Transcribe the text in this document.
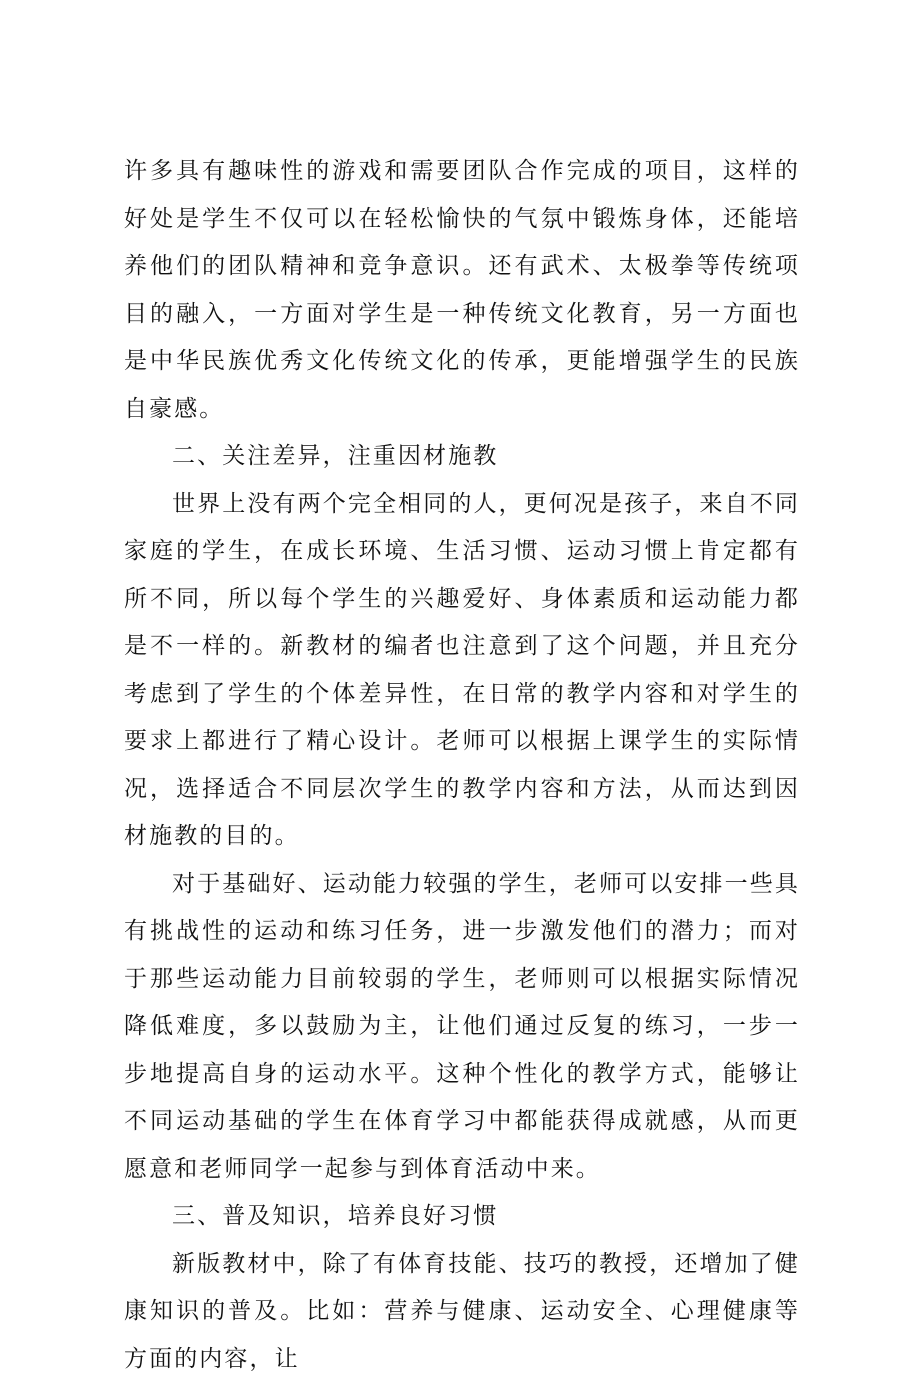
许多具有趣味性的游戏和需要团队合作完成的项目，这样的好处是学生不仅可以在轻松愉快的气氛中锻炼身体，还能培养他们的团队精神和竞争意识。还有武术、太极拳等传统项目的融入，一方面对学生是一种传统文化教育，另一方面也是中华民族优秀文化传统文化的传承，更能增强学生的民族自豪感。

二、关注差异，注重因材施教

世界上没有两个完全相同的人，更何况是孩子，来自不同家庭的学生，在成长环境、生活习惯、运动习惯上肯定都有所不同，所以每个学生的兴趣爱好、身体素质和运动能力都是不一样的。新教材的编者也注意到了这个问题，并且充分考虑到了学生的个体差异性，在日常的教学内容和对学生的要求上都进行了精心设计。老师可以根据上课学生的实际情况，选择适合不同层次学生的教学内容和方法，从而达到因材施教的目的。

对于基础好、运动能力较强的学生，老师可以安排一些具有挑战性的运动和练习任务，进一步激发他们的潜力；而对于那些运动能力目前较弱的学生，老师则可以根据实际情况降低难度，多以鼓励为主，让他们通过反复的练习，一步一步地提高自身的运动水平。这种个性化的教学方式，能够让不同运动基础的学生在体育学习中都能获得成就感，从而更愿意和老师同学一起参与到体育活动中来。

三、普及知识，培养良好习惯

新版教材中，除了有体育技能、技巧的教授，还增加了健康知识的普及。比如：营养与健康、运动安全、心理健康等方面的内容，让
